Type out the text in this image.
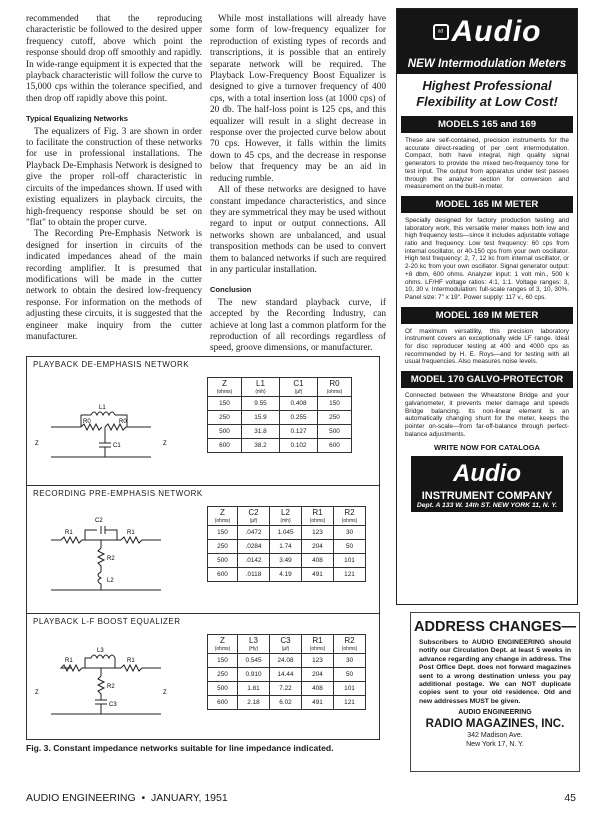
recommended that the reproducing characteristic be followed to the desired upper frequency cutoff, above which point the response should drop off smoothly and rapidly. In wide-range equipment it is expected that the playback characteristic will follow the curve to 15,000 cps within the tolerance specified, and then drop off rapidly above this point.

Typical Equalizing Networks

The equalizers of Fig. 3 are shown in order to facilitate the construction of these networks for use in professional installations. The Playback De-Emphasis Network is designed to give the proper roll-off characteristic in circuits of the impedances shown. If used with existing equalizers in playback circuits, the high-frequency response should be set on "flat" to obtain the proper curve.

The Recording Pre-Emphasis Network is designed for insertion in circuits of the indicated impedances ahead of the main recording amplifier. It is presumed that modifications will be made in the cutter network to obtain the desired low-frequency response. For information on the methods of adjusting these circuits, it is suggested that the engineer make inquiry from the cutter manufacturer.

While most installations will already have some form of low-frequency equalizer for reproduction of existing types of records and transcriptions, it is possible that an entirely separate network will be required. The Playback Low-Frequency Boost Equalizer is designed to give a turnover frequency of 400 cps, with a total insertion loss (at 1000 cps) of 20 db. The half-loss point is 125 cps, and this equalizer will result in a slight decrease in response over the projected curve below about 70 cps. However, it falls within the limits down to 45 cps, and the decrease in response below that frequency may be an aid in reducing rumble.

All of these networks are designed to have constant impedance characteristics, and since they are symmetrical they may be used without regard to input or output connections. All networks shown are unbalanced, and usual transposition methods can be used to convert them to balanced networks if such are required in any particular installation.

Conclusion

The new standard playback curve, if accepted by the Recording Industry, can achieve at long last a common platform for the reproduction of all recordings regardless of speed, groove dimensions, or manufacturer.

ᵃᵈ Audio
NEW Intermodulation Meters
Highest Professional
Flexibility at Low Cost!
MODELS 165 and 169
These are self-contained, precision instruments for the accurate direct-reading of per cent intermodulation. Compact, both have integral, high quality signal generators to provide the mixed two-frequency tone for test input. The output from apparatus under test passes through the analyzer section for conversion and measurement on the built-in meter.
MODEL 165 IM METER
Specially designed for factory production testing and laboratory work, this versatile meter makes both low and high frequency tests—since it includes adjustable voltage ratio and frequency. Low test frequency: 60 cps from internal oscillator, or 40-150 cps from your own oscillator. High test frequency: 2, 7, 12 kc from internal oscillator, or 2-20 kc from your own oscillator. Signal generator output: +8 dbm, 600 ohms. Analyzer input: 1 volt min., 500 k ohms. LF/HF voltage ratios: 4:1, 1:1. Voltage ranges: 3, 10, 30 v. Intermodulation: full-scale ranges of 3, 10, 30%. Panel size: 7" x 19". Power supply: 117 v., 60 cps.
MODEL 169 IM METER
Of maximum versatility, this precision laboratory instrument covers an exceptionally wide LF range. Ideal for disc reproducer testing at 400 and 4000 cps as recommended by H. E. Roys—and for testing with all usual frequencies. Also measures noise levels.
MODEL 170 GALVO-PROTECTOR
Connected between the Wheatstone Bridge and your galvanometer, it prevents meter damage and speeds Bridge balancing. Its non-linear element is an automatically changing shunt for the meter, keeps the pointer on-scale—from far-off-balance through perfect-balance adjustments.
WRITE NOW FOR CATALOGA
Audio
INSTRUMENT COMPANY
Dept. A 133 W. 14th ST. NEW YORK 11, N. Y.
ADDRESS CHANGES—
Subscribers to AUDIO ENGINEERING should notify our Circulation Dept. at least 5 weeks in advance regarding any change in address. The Post Office Dept. does not forward magazines sent to a wrong destination unless you pay additional postage. We can NOT duplicate copies sent to your old residence. Old and new addresses MUST be given.
AUDIO ENGINEERING
RADIO MAGAZINES, INC.
342 Madison Ave.
New York 17, N. Y.
PLAYBACK DE-EMPHASIS NETWORK
L1
R0	R0
C1
Z	Z
Z	L1	C1	R0
(ohms)	(mh)	(μf)	(ohms)
150	9.55	0.408	150
250	15.9	0.255	250
500	31.8	0.127	500
600	38.2	0.102	600
RECORDING PRE-EMPHASIS NETWORK
C2
R1	R1
R2
L2
Z	C2	L2	R1	R2
(ohms)	(μf)	(mh)	(ohms)	(ohms)
150	.0472	1.045	123	30
250	.0284	1.74	204	50
500	.0142	3.49	408	101
600	.0118	4.19	491	121
PLAYBACK L-F BOOST EQUALIZER
L3
R1	R1
R2
C3
Z	Z
Z	L3	C3	R1	R2
(ohms)	(Hy)	(μf)	(ohms)	(ohms)
150	0.545	24.08	123	30
250	0.910	14.44	204	50
500	1.81	7.22	408	101
600	2.18	6.02	491	121
Fig. 3. Constant impedance networks suitable for line impedance indicated.
AUDIO ENGINEERING  •  JANUARY, 1951	45
